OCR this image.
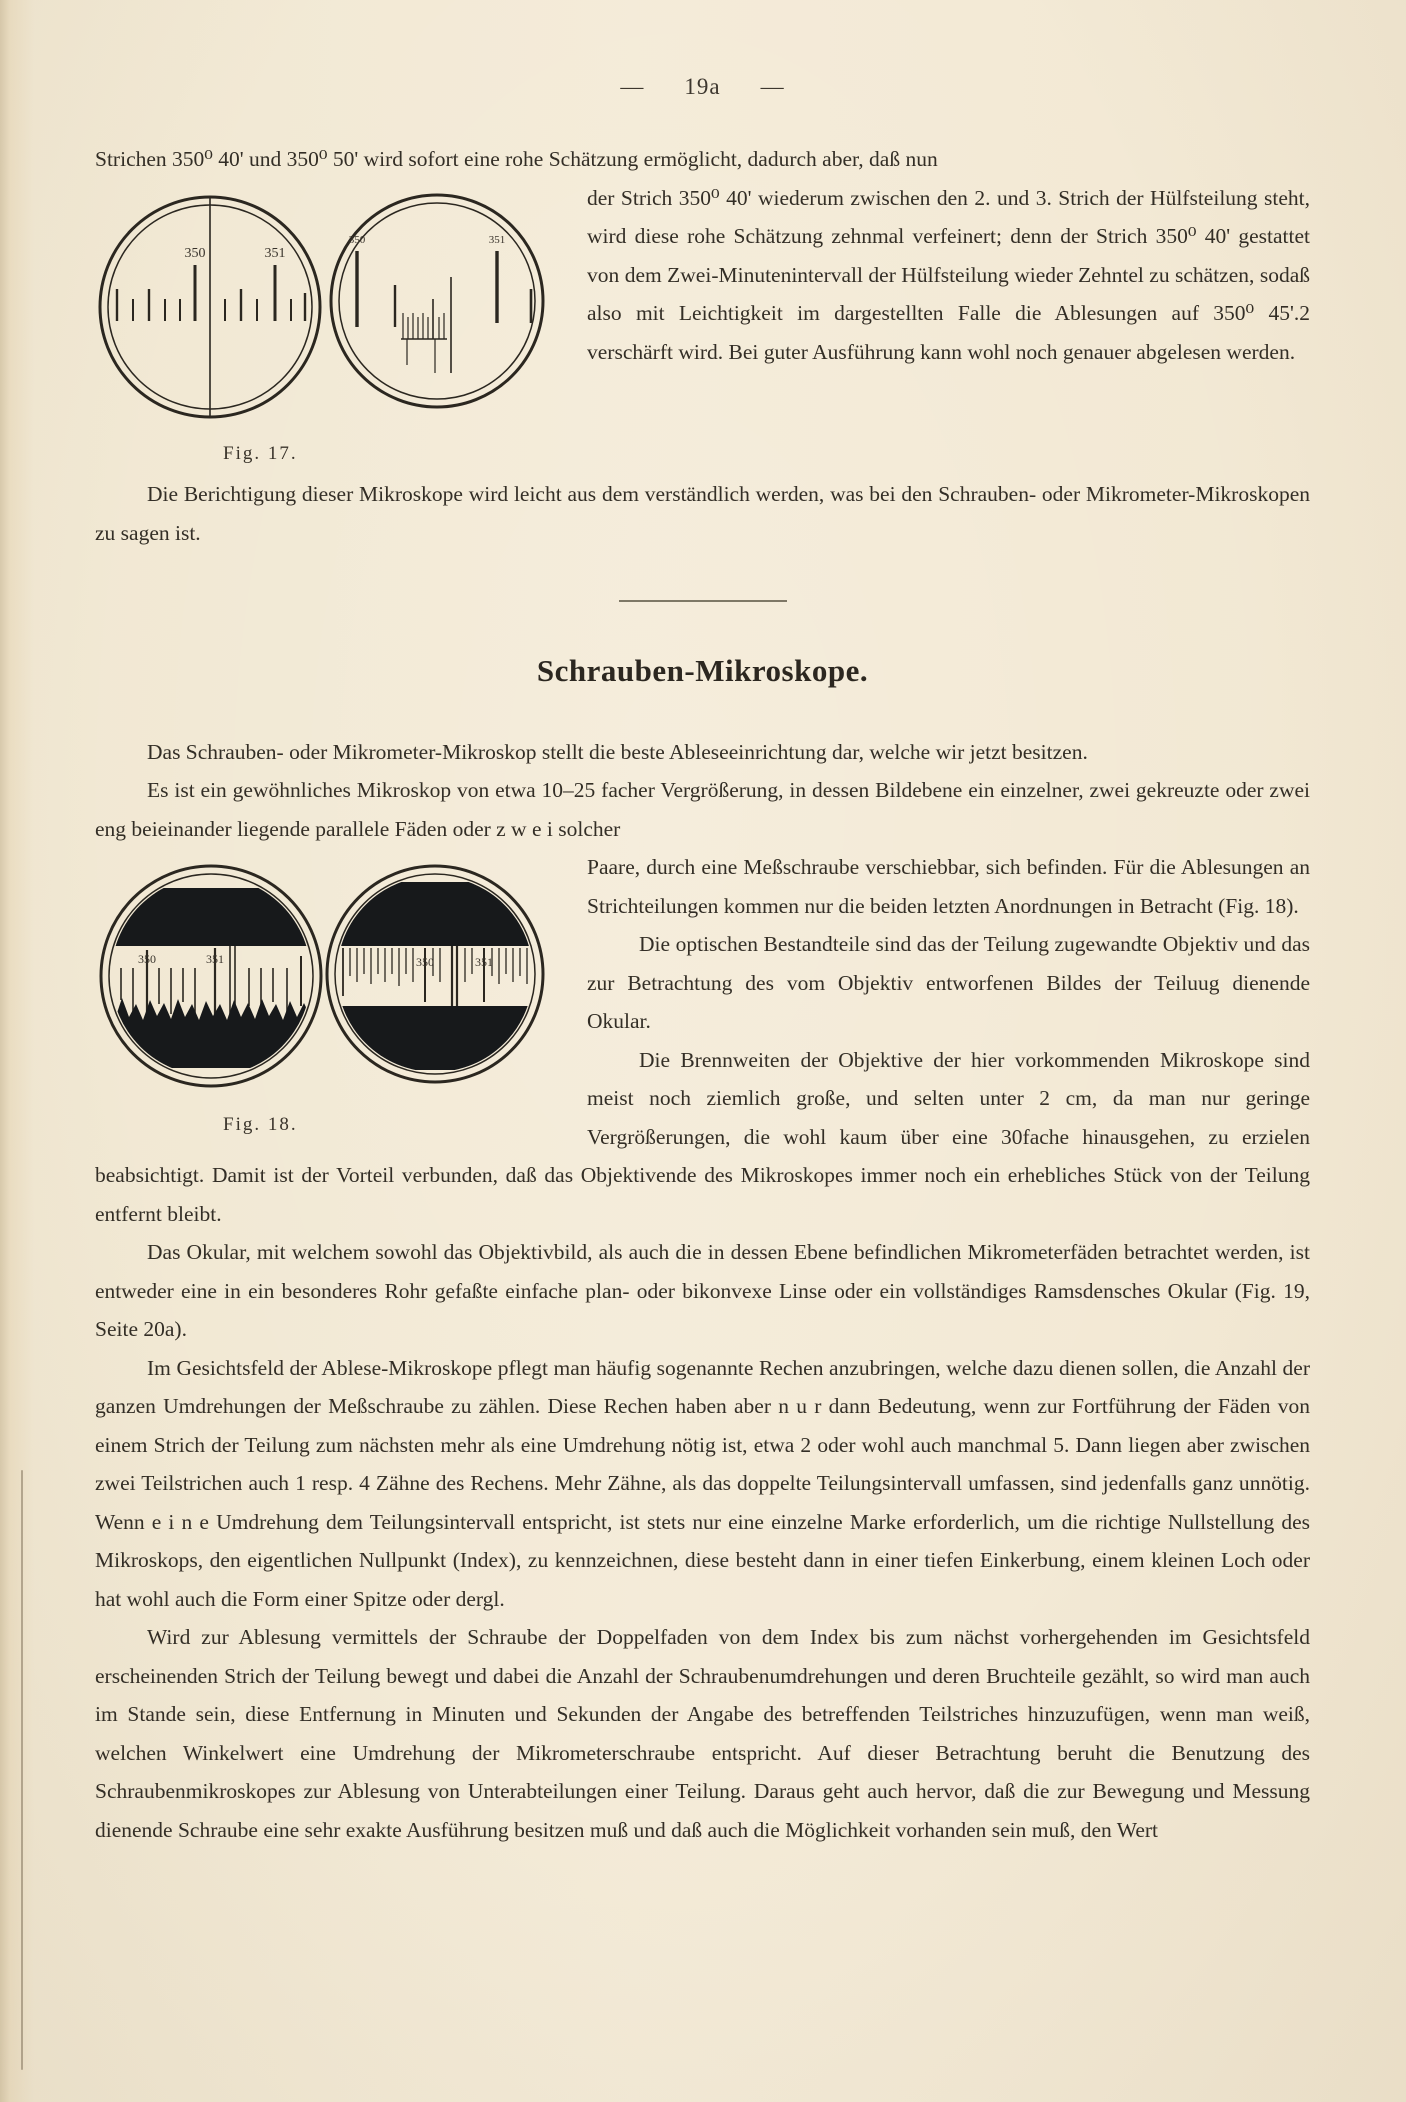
— 19a —

Strichen 350⁰ 40' und 350⁰ 50' wird sofort eine rohe Schätzung ermöglicht, dadurch aber, daß nun

350	351
350	351
Fig. 17.

der Strich 350⁰ 40' wiederum zwischen den 2. und 3. Strich der Hülfsteilung steht, wird diese rohe Schätzung zehnmal verfeinert; denn der Strich 350⁰ 40' gestattet von dem Zwei-Minutenintervall der Hülfsteilung wieder Zehntel zu schätzen, sodaß also mit Leichtigkeit im dargestellten Falle die Ablesungen auf 350⁰ 45'.2 verschärft wird. Bei guter Ausführung kann wohl noch genauer abgelesen werden.

Die Berichtigung dieser Mikroskope wird leicht aus dem verständlich werden, was bei den Schrauben- oder Mikrometer-Mikroskopen zu sagen ist.

Schrauben-Mikroskope.

Das Schrauben- oder Mikrometer-Mikroskop stellt die beste Ableseeinrichtung dar, welche wir jetzt besitzen.

Es ist ein gewöhnliches Mikroskop von etwa 10–25 facher Vergrößerung, in dessen Bildebene ein einzelner, zwei gekreuzte oder zwei eng beieinander liegende parallele Fäden oder z w e i solcher

350	351	350	351
Fig. 18.

Paare, durch eine Meßschraube verschiebbar, sich befinden. Für die Ablesungen an Strichteilungen kommen nur die beiden letzten Anordnungen in Betracht (Fig. 18).

Die optischen Bestandteile sind das der Teilung zugewandte Objektiv und das zur Betrachtung des vom Objektiv entworfenen Bildes der Teiluug dienende Okular.

Die Brennweiten der Objektive der hier vorkommenden Mikroskope sind meist noch ziemlich große, und selten unter 2 cm, da man nur geringe Vergrößerungen, die wohl kaum über eine 30fache hinausgehen, zu erzielen beabsichtigt. Damit ist der Vorteil verbunden, daß das Objektivende des Mikroskopes immer noch ein erhebliches Stück von der Teilung entfernt bleibt.

Das Okular, mit welchem sowohl das Objektivbild, als auch die in dessen Ebene befindlichen Mikrometerfäden betrachtet werden, ist entweder eine in ein besonderes Rohr gefaßte einfache plan- oder bikonvexe Linse oder ein vollständiges Ramsdensches Okular (Fig. 19, Seite 20a).

Im Gesichtsfeld der Ablese-Mikroskope pflegt man häufig sogenannte Rechen anzubringen, welche dazu dienen sollen, die Anzahl der ganzen Umdrehungen der Meßschraube zu zählen. Diese Rechen haben aber n u r dann Bedeutung, wenn zur Fortführung der Fäden von einem Strich der Teilung zum nächsten mehr als eine Umdrehung nötig ist, etwa 2 oder wohl auch manchmal 5. Dann liegen aber zwischen zwei Teilstrichen auch 1 resp. 4 Zähne des Rechens. Mehr Zähne, als das doppelte Teilungsintervall umfassen, sind jedenfalls ganz unnötig. Wenn e i n e Umdrehung dem Teilungsintervall entspricht, ist stets nur eine einzelne Marke erforderlich, um die richtige Nullstellung des Mikroskops, den eigentlichen Nullpunkt (Index), zu kennzeichnen, diese besteht dann in einer tiefen Einkerbung, einem kleinen Loch oder hat wohl auch die Form einer Spitze oder dergl.

Wird zur Ablesung vermittels der Schraube der Doppelfaden von dem Index bis zum nächst vorhergehenden im Gesichtsfeld erscheinenden Strich der Teilung bewegt und dabei die Anzahl der Schraubenumdrehungen und deren Bruchteile gezählt, so wird man auch im Stande sein, diese Entfernung in Minuten und Sekunden der Angabe des betreffenden Teilstriches hinzuzufügen, wenn man weiß, welchen Winkelwert eine Umdrehung der Mikrometerschraube entspricht. Auf dieser Betrachtung beruht die Benutzung des Schraubenmikroskopes zur Ablesung von Unterabteilungen einer Teilung. Daraus geht auch hervor, daß die zur Bewegung und Messung dienende Schraube eine sehr exakte Ausführung besitzen muß und daß auch die Möglichkeit vorhanden sein muß, den Wert
